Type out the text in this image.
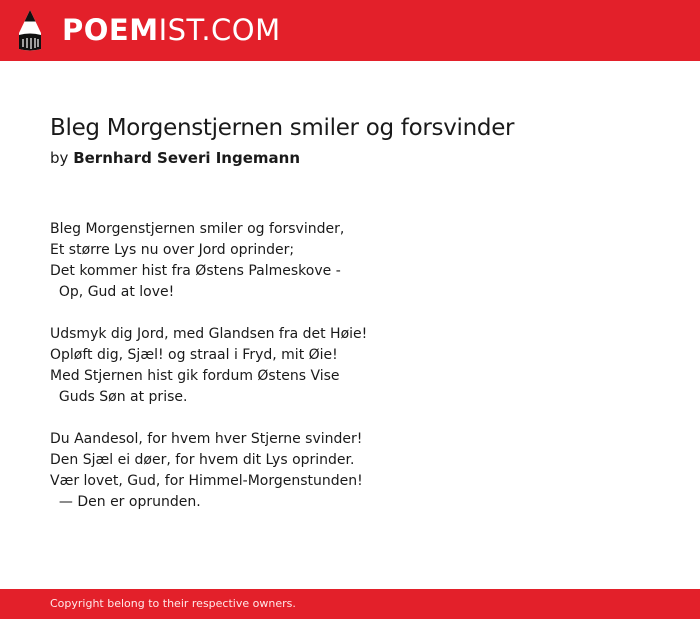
POEMIST.COM
Bleg Morgenstjernen smiler og forsvinder
by Bernhard Severi Ingemann
Bleg Morgenstjernen smiler og forsvinder,
Et større Lys nu over Jord oprinder;
Det kommer hist fra Østens Palmeskove -
Op, Gud at love!
Udsmyk dig Jord, med Glandsen fra det Høie!
Opløft dig, Sjæl! og straal i Fryd, mit Øie!
Med Stjernen hist gik fordum Østens Vise
Guds Søn at prise.
Du Aandesol, for hvem hver Stjerne svinder!
Den Sjæl ei døer, for hvem dit Lys oprinder.
Vær lovet, Gud, for Himmel-Morgenstunden!
— Den er oprunden.
Copyright belong to their respective owners.
